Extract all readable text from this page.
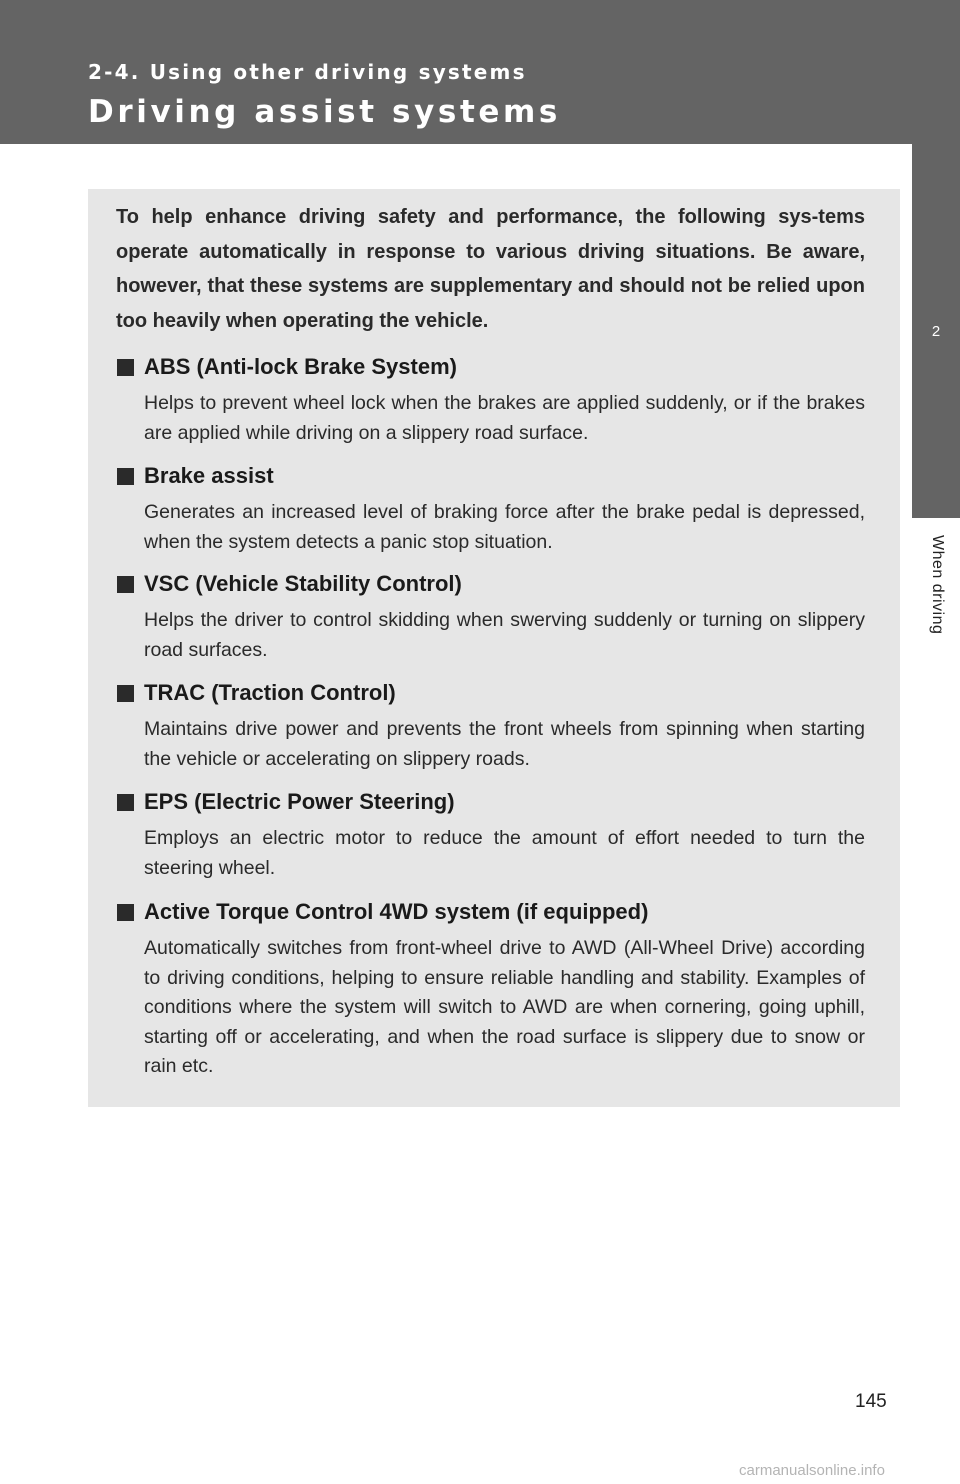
2-4. Using other driving systems
Driving assist systems
2
When driving
To help enhance driving safety and performance, the following sys-tems operate automatically in response to various driving situations. Be aware, however, that these systems are supplementary and should not be relied upon too heavily when operating the vehicle.
ABS (Anti-lock Brake System)
Helps to prevent wheel lock when the brakes are applied suddenly, or if the brakes are applied while driving on a slippery road surface.
Brake assist
Generates an increased level of braking force after the brake pedal is depressed, when the system detects a panic stop situation.
VSC (Vehicle Stability Control)
Helps the driver to control skidding when swerving suddenly or turning on slippery road surfaces.
TRAC (Traction Control)
Maintains drive power and prevents the front wheels from spinning when starting the vehicle or accelerating on slippery roads.
EPS (Electric Power Steering)
Employs an electric motor to reduce the amount of effort needed to turn the steering wheel.
Active Torque Control 4WD system (if equipped)
Automatically switches from front-wheel drive to AWD (All-Wheel Drive) according to driving conditions, helping to ensure reliable handling and stability. Examples of conditions where the system will switch to AWD are when cornering, going uphill, starting off or accelerating, and when the road surface is slippery due to snow or rain etc.
145
carmanualsonline.info
